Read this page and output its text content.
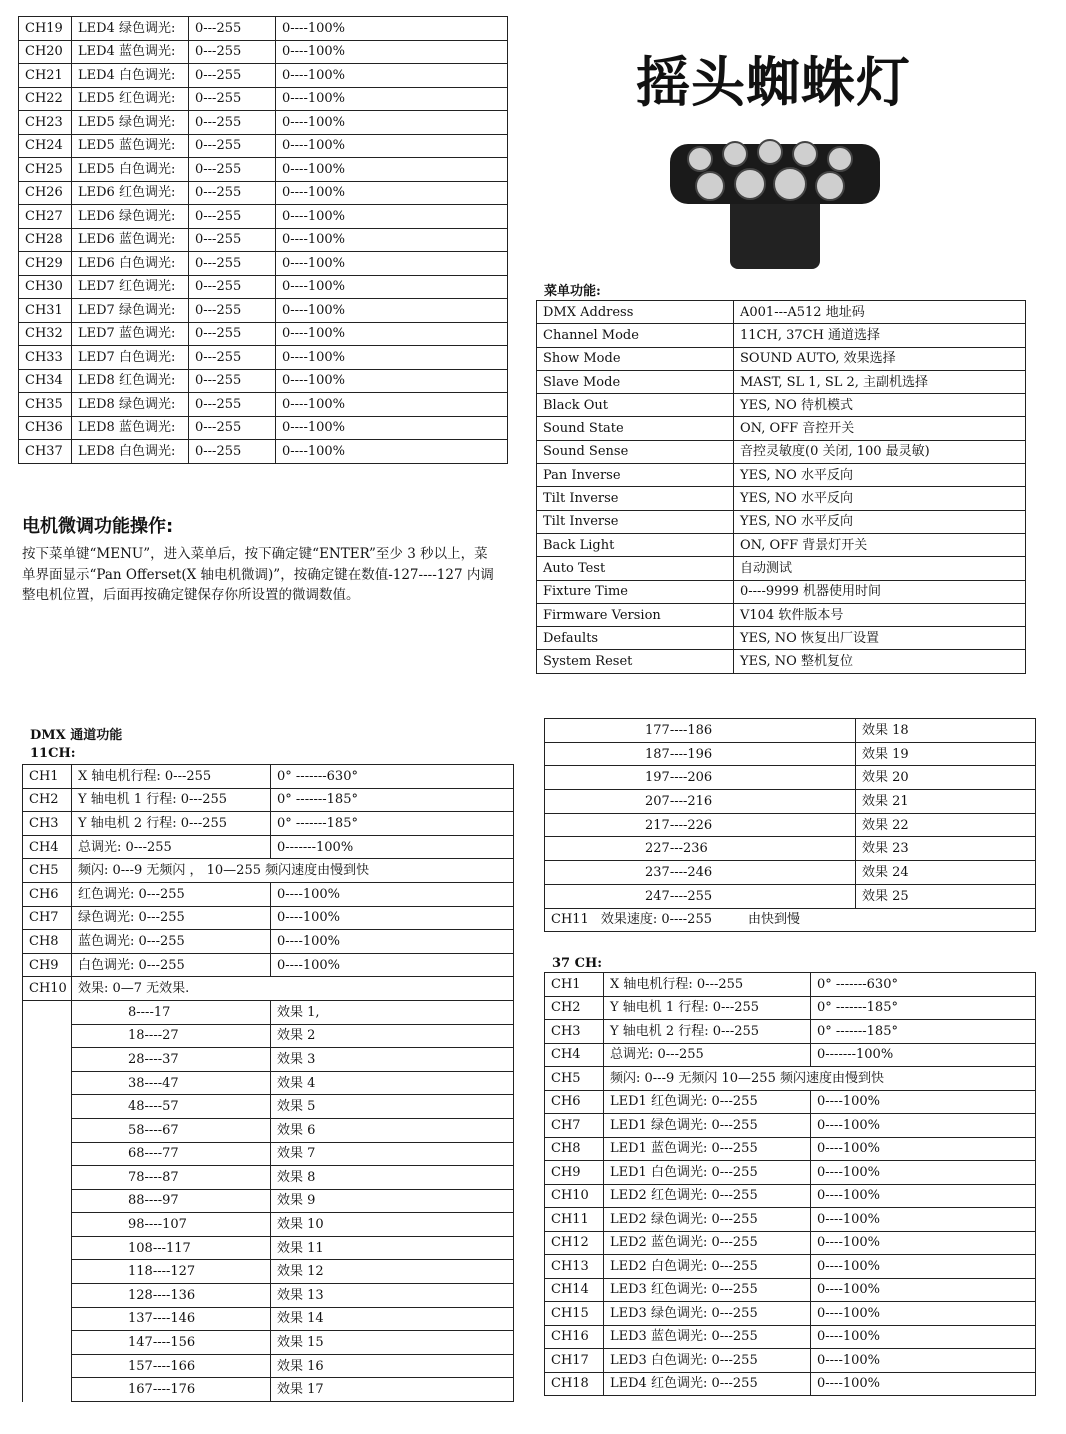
摇头蜘蛛灯
菜单功能:
电机微调功能操作:
按下菜单键“MENU”，进入菜单后，按下确定键“ENTER”至少 3 秒以上，菜单界面显示“Pan Offerset(X 轴电机微调)”，按确定键在数值-127----127 内调整电机位置，后面再按确定键保存你所设置的微调数值。
DMX 通道功能
11CH:
37 CH:
CH19	LED4 绿色调光:	0---255	0----100%
CH20	LED4 蓝色调光:	0---255	0----100%
CH21	LED4 白色调光:	0---255	0----100%
CH22	LED5 红色调光:	0---255	0----100%
CH23	LED5 绿色调光:	0---255	0----100%
CH24	LED5 蓝色调光:	0---255	0----100%
CH25	LED5 白色调光:	0---255	0----100%
CH26	LED6 红色调光:	0---255	0----100%
CH27	LED6 绿色调光:	0---255	0----100%
CH28	LED6 蓝色调光:	0---255	0----100%
CH29	LED6 白色调光:	0---255	0----100%
CH30	LED7 红色调光:	0---255	0----100%
CH31	LED7 绿色调光:	0---255	0----100%
CH32	LED7 蓝色调光:	0---255	0----100%
CH33	LED7 白色调光:	0---255	0----100%
CH34	LED8 红色调光:	0---255	0----100%
CH35	LED8 绿色调光:	0---255	0----100%
CH36	LED8 蓝色调光:	0---255	0----100%
CH37	LED8 白色调光:	0---255	0----100%
DMX Address	A001---A512 地址码
Channel Mode	11CH, 37CH 通道选择
Show Mode	SOUND AUTO, 效果选择
Slave Mode	MAST, SL 1, SL 2, 主副机选择
Black Out	YES, NO 待机模式
Sound State	ON, OFF 音控开关
Sound Sense	音控灵敏度(0 关闭, 100 最灵敏)
Pan Inverse	YES, NO 水平反向
Tilt Inverse	YES, NO 水平反向
Tilt Inverse	YES, NO 水平反向
Back Light	ON, OFF 背景灯开关
Auto Test	自动测试
Fixture Time	0----9999 机器使用时间
Firmware Version	V104 软件版本号
Defaults	YES, NO 恢复出厂设置
System Reset	YES, NO 整机复位
CH1	X 轴电机行程: 0---255	0° -------630°
CH2	Y 轴电机 1 行程: 0---255	0° -------185°
CH3	Y 轴电机 2 行程: 0---255	0° -------185°
CH4	总调光: 0---255	0-------100%
CH5	频闪: 0---9 无频闪 ， 10—255 频闪速度由慢到快	
CH6	红色调光: 0---255	0----100%
CH7	绿色调光: 0---255	0----100%
CH8	蓝色调光: 0---255	0----100%
CH9	白色调光: 0---255	0----100%
CH10	效果: 0—7 无效果.	
	8----17	效果 1,
	18----27	效果 2
	28----37	效果 3
	38----47	效果 4
	48----57	效果 5
	58----67	效果 6
	68----77	效果 7
	78----87	效果 8
	88----97	效果 9
	98----107	效果 10
	108---117	效果 11
	118----127	效果 12
	128----136	效果 13
	137----146	效果 14
	147----156	效果 15
	157----166	效果 16
	167----176	效果 17
177----186	效果 18
187----196	效果 19
197----206	效果 20
207----216	效果 21
217----226	效果 22
227---236	效果 23
237----246	效果 24
247----255	效果 25
CH11 效果速度: 0----255 由快到慢	
CH1	X 轴电机行程: 0---255	0° -------630°
CH2	Y 轴电机 1 行程: 0---255	0° -------185°
CH3	Y 轴电机 2 行程: 0---255	0° -------185°
CH4	总调光: 0---255	0-------100%
CH5	频闪: 0---9 无频闪 10—255 频闪速度由慢到快	
CH6	LED1 红色调光: 0---255	0----100%
CH7	LED1 绿色调光: 0---255	0----100%
CH8	LED1 蓝色调光: 0---255	0----100%
CH9	LED1 白色调光: 0---255	0----100%
CH10	LED2 红色调光: 0---255	0----100%
CH11	LED2 绿色调光: 0---255	0----100%
CH12	LED2 蓝色调光: 0---255	0----100%
CH13	LED2 白色调光: 0---255	0----100%
CH14	LED3 红色调光: 0---255	0----100%
CH15	LED3 绿色调光: 0---255	0----100%
CH16	LED3 蓝色调光: 0---255	0----100%
CH17	LED3 白色调光: 0---255	0----100%
CH18	LED4 红色调光: 0---255	0----100%
